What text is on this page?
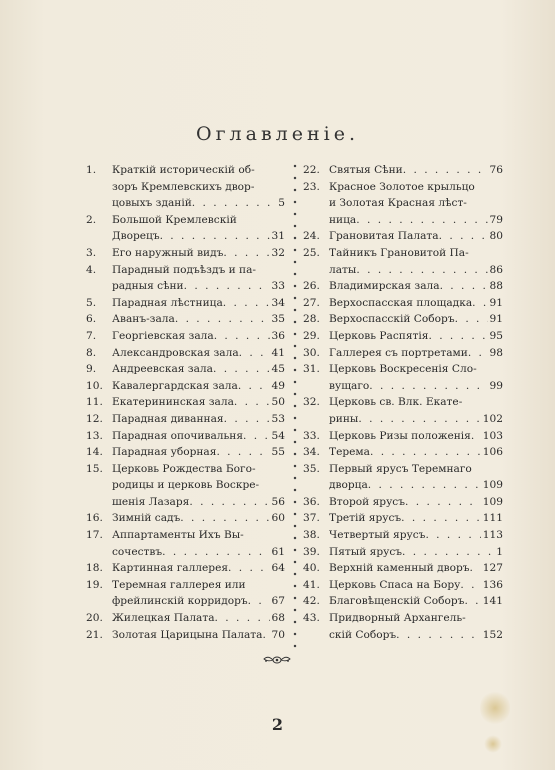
Оглавленіе.
1.	Краткій историческій об-
зоръ Кремлевскихъ двор-
цовыхъ зданій . . .	5
2.	Большой Кремлевскій
Дворецъ . . .	31
3.	Его наружный видъ . . .	32
4.	Парадный подъѣздъ и па-
радныя сѣни . . .	33
5.	Парадная лѣстница . . .	34
6.	Аванъ-зала . . .	35
7.	Георгіевская зала . . .	36
8.	Александровская зала . . .	41
9.	Андреевская зала . . .	45
10. Кавалергардская зала . . .	49
11. Екатерининская зала . . .	50
12. Парадная диванная . . .	53
13. Парадная опочивальня . . .	54
14. Парадная уборная . . .	55
15. Церковь Рождества Бого-
родицы и церковь Воскре-
шенія Лазаря . . .	56
16. Зимній садъ . . .	60
17. Аппартаменты Ихъ Вы-
сочествъ . . .	61
18. Картинная галлерея . . .	64
19. Теремная галлерея или
фрейлинскій корридоръ . . . 67
20. Жилецкая Палата . . .	68
21. Золотая Царицына Палата . . . 70
22. Святыя Сѣни . . .	76
23. Красное Золотое крыльцо
и Золотая Красная лѣст-
ница . . .	79
24. Грановитая Палата . . .	80
25. Тайникъ Грановитой Па-
латы . . .	86
26. Владимирская зала . . .	88
27. Верхоспасская площадка . . . 91
28. Верхоспасскій Соборъ . . .	91
29. Церковь Распятія . . .	95
30. Галлерея съ портретами . . . 98
31. Церковь Воскресенія Сло-
вущаго . . .	99
32. Церковь св. Влк. Екате-
рины . . .	102
33. Церковь Ризы положенія . . . 103
34. Терема . . .	106
35. Первый ярусъ Теремнаго
дворца . . .	109
36. Второй ярусъ . . .	109
37. Третій ярусъ . . .	111
38. Четвертый ярусъ . . .	113
39. Пятый ярусъ . . .	1
40. Верхній каменный дворъ . . . 127
41. Церковь Спаса на Бору . . . 136
42. Благовѣщенскій Соборъ . . . 141
43. Придворный Архангель-
скій Соборъ . . .	152
2
